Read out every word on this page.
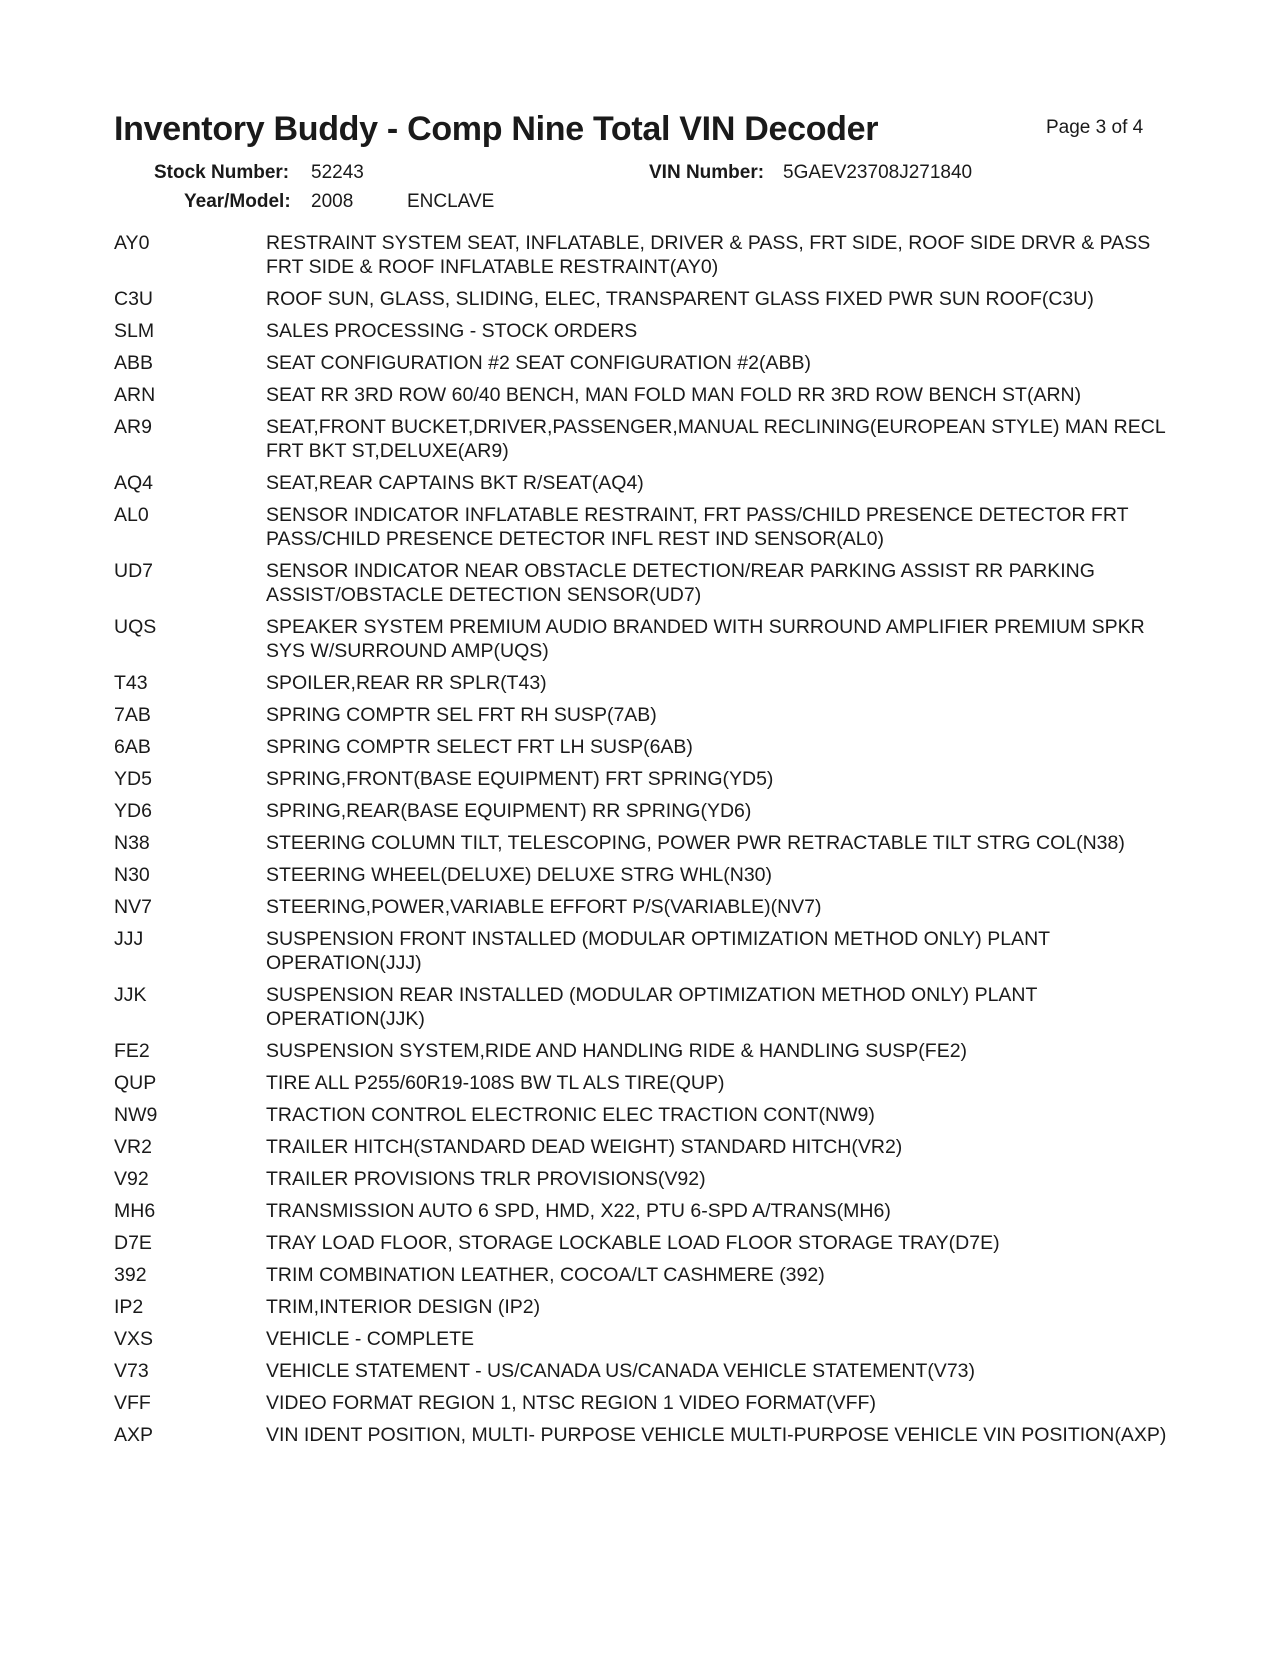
Inventory Buddy - Comp Nine Total VIN Decoder	Page 3 of 4
Stock Number: 52243	VIN Number: 5GAEV23708J271840
Year/Model: 2008	ENCLAVE
AY0	RESTRAINT SYSTEM SEAT, INFLATABLE, DRIVER & PASS, FRT SIDE, ROOF SIDE DRVR & PASS FRT SIDE & ROOF INFLATABLE RESTRAINT(AY0)
C3U	ROOF SUN, GLASS, SLIDING, ELEC, TRANSPARENT GLASS FIXED PWR SUN ROOF(C3U)
SLM	SALES PROCESSING - STOCK ORDERS
ABB	SEAT CONFIGURATION #2 SEAT CONFIGURATION #2(ABB)
ARN	SEAT RR 3RD ROW 60/40 BENCH, MAN FOLD MAN FOLD RR 3RD ROW BENCH ST(ARN)
AR9	SEAT,FRONT BUCKET,DRIVER,PASSENGER,MANUAL RECLINING(EUROPEAN STYLE) MAN RECL FRT BKT ST,DELUXE(AR9)
AQ4	SEAT,REAR CAPTAINS BKT R/SEAT(AQ4)
AL0	SENSOR INDICATOR INFLATABLE RESTRAINT, FRT PASS/CHILD PRESENCE DETECTOR FRT PASS/CHILD PRESENCE DETECTOR INFL REST IND SENSOR(AL0)
UD7	SENSOR INDICATOR NEAR OBSTACLE DETECTION/REAR PARKING ASSIST RR PARKING ASSIST/OBSTACLE DETECTION SENSOR(UD7)
UQS	SPEAKER SYSTEM PREMIUM AUDIO BRANDED WITH SURROUND AMPLIFIER PREMIUM SPKR SYS W/SURROUND AMP(UQS)
T43	SPOILER,REAR RR SPLR(T43)
7AB	SPRING COMPTR SEL FRT RH SUSP(7AB)
6AB	SPRING COMPTR SELECT FRT LH SUSP(6AB)
YD5	SPRING,FRONT(BASE EQUIPMENT) FRT SPRING(YD5)
YD6	SPRING,REAR(BASE EQUIPMENT) RR SPRING(YD6)
N38	STEERING COLUMN TILT, TELESCOPING, POWER PWR RETRACTABLE TILT STRG COL(N38)
N30	STEERING WHEEL(DELUXE) DELUXE STRG WHL(N30)
NV7	STEERING,POWER,VARIABLE EFFORT P/S(VARIABLE)(NV7)
JJJ	SUSPENSION FRONT INSTALLED (MODULAR OPTIMIZATION METHOD ONLY) PLANT OPERATION(JJJ)
JJK	SUSPENSION REAR INSTALLED (MODULAR OPTIMIZATION METHOD ONLY) PLANT OPERATION(JJK)
FE2	SUSPENSION SYSTEM,RIDE AND HANDLING RIDE & HANDLING SUSP(FE2)
QUP	TIRE ALL P255/60R19-108S BW TL ALS TIRE(QUP)
NW9	TRACTION CONTROL ELECTRONIC ELEC TRACTION CONT(NW9)
VR2	TRAILER HITCH(STANDARD DEAD WEIGHT) STANDARD HITCH(VR2)
V92	TRAILER PROVISIONS TRLR PROVISIONS(V92)
MH6	TRANSMISSION AUTO 6 SPD, HMD, X22, PTU 6-SPD A/TRANS(MH6)
D7E	TRAY LOAD FLOOR, STORAGE LOCKABLE LOAD FLOOR STORAGE TRAY(D7E)
392	TRIM COMBINATION LEATHER, COCOA/LT CASHMERE (392)
IP2	TRIM,INTERIOR DESIGN (IP2)
VXS	VEHICLE - COMPLETE
V73	VEHICLE STATEMENT - US/CANADA US/CANADA VEHICLE STATEMENT(V73)
VFF	VIDEO FORMAT REGION 1, NTSC REGION 1 VIDEO FORMAT(VFF)
AXP	VIN IDENT POSITION, MULTI- PURPOSE VEHICLE MULTI-PURPOSE VEHICLE VIN POSITION(AXP)
